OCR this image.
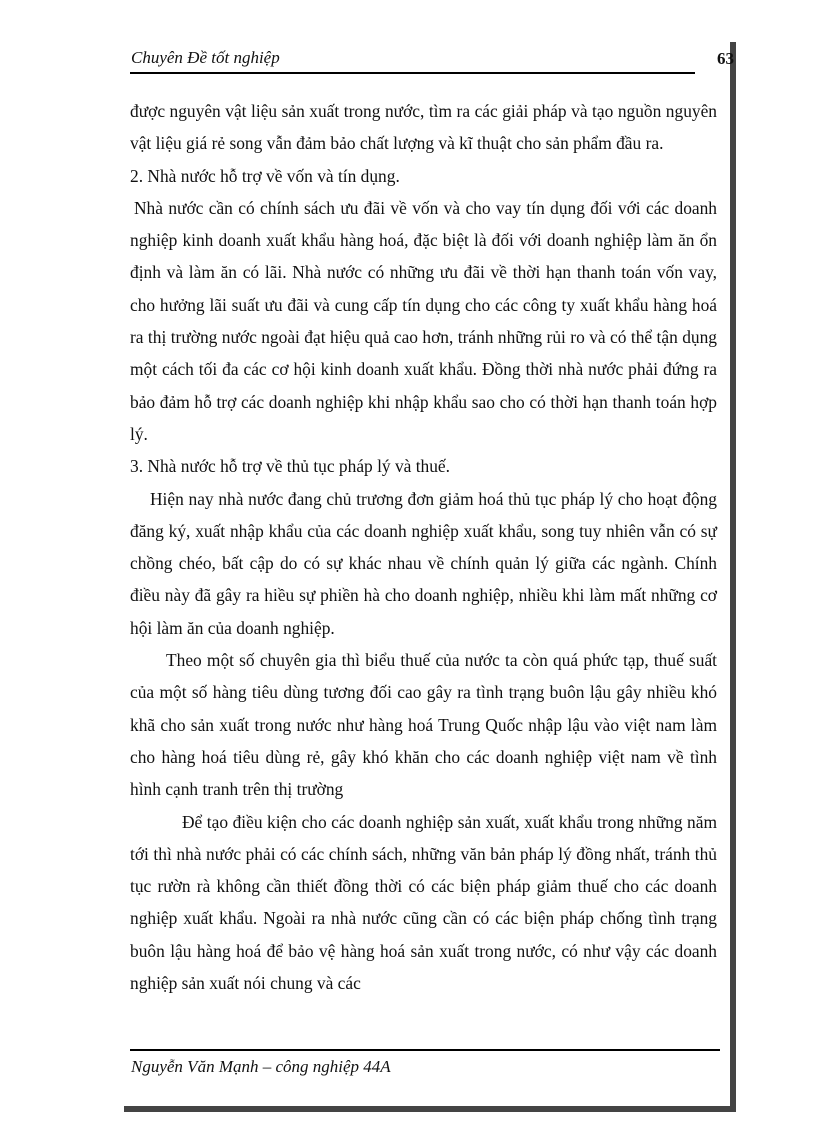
Chuyên Đề tốt nghiệp	63

được nguyên vật liệu sản xuất trong nước, tìm ra các giải pháp và tạo nguồn nguyên vật liệu giá rẻ song vẫn đảm bảo chất lượng và kĩ thuật cho sản phẩm đầu ra.

2. Nhà nước hỗ trợ về vốn và tín dụng.

Nhà nước cần có chính sách ưu đãi về vốn và cho vay tín dụng đối với các doanh nghiệp kinh doanh xuất khẩu hàng hoá, đặc biệt là đối với doanh nghiệp làm ăn ổn định và làm ăn có lãi. Nhà nước có những ưu đãi về thời hạn thanh toán vốn vay, cho hưởng lãi suất ưu đãi và cung cấp tín dụng cho các công ty xuất khẩu hàng hoá ra thị trường nước ngoài đạt hiệu quả cao hơn, tránh những rủi ro và có thể tận dụng một cách tối đa các cơ hội kinh doanh xuất khẩu. Đồng thời nhà nước phải đứng ra bảo đảm hỗ trợ các doanh nghiệp khi nhập khẩu sao cho có thời hạn thanh toán hợp lý.

3. Nhà nước hỗ trợ về thủ tục pháp lý và thuế.

Hiện nay nhà nước đang chủ trương đơn giảm hoá thủ tục pháp lý cho hoạt động đăng ký, xuất nhập khẩu của các doanh nghiệp xuất khẩu, song tuy nhiên vẫn có sự chồng chéo, bất cập do có sự khác nhau về chính quản lý giữa các ngành. Chính điều này đã gây ra hiều sự phiền hà cho doanh nghiệp, nhiều khi làm mất những cơ hội làm ăn của doanh nghiệp.

Theo một số chuyên gia thì biểu thuế của nước ta còn quá phức tạp, thuế suất của một số hàng tiêu dùng tương đối cao gây ra tình trạng buôn lậu gây nhiều khó khã cho sản xuất trong nước như hàng hoá Trung Quốc nhập lậu vào việt nam làm cho hàng hoá tiêu dùng rẻ, gây khó khăn cho các doanh nghiệp việt nam về tình hình cạnh tranh trên thị trường

Để tạo điều kiện cho các doanh nghiệp sản xuất, xuất khẩu trong những năm tới thì nhà nước phải có các chính sách, những văn bản pháp lý đồng nhất, tránh thủ tục rườn rà không cần thiết đồng thời có các biện pháp giảm thuế cho các doanh nghiệp xuất khẩu. Ngoài ra nhà nước cũng cần có các biện pháp chống tình trạng buôn lậu hàng hoá để bảo vệ hàng hoá sản xuất trong nước, có như vậy các doanh nghiệp sản xuất nói chung và các

Nguyễn Văn Mạnh – công nghiệp 44A
